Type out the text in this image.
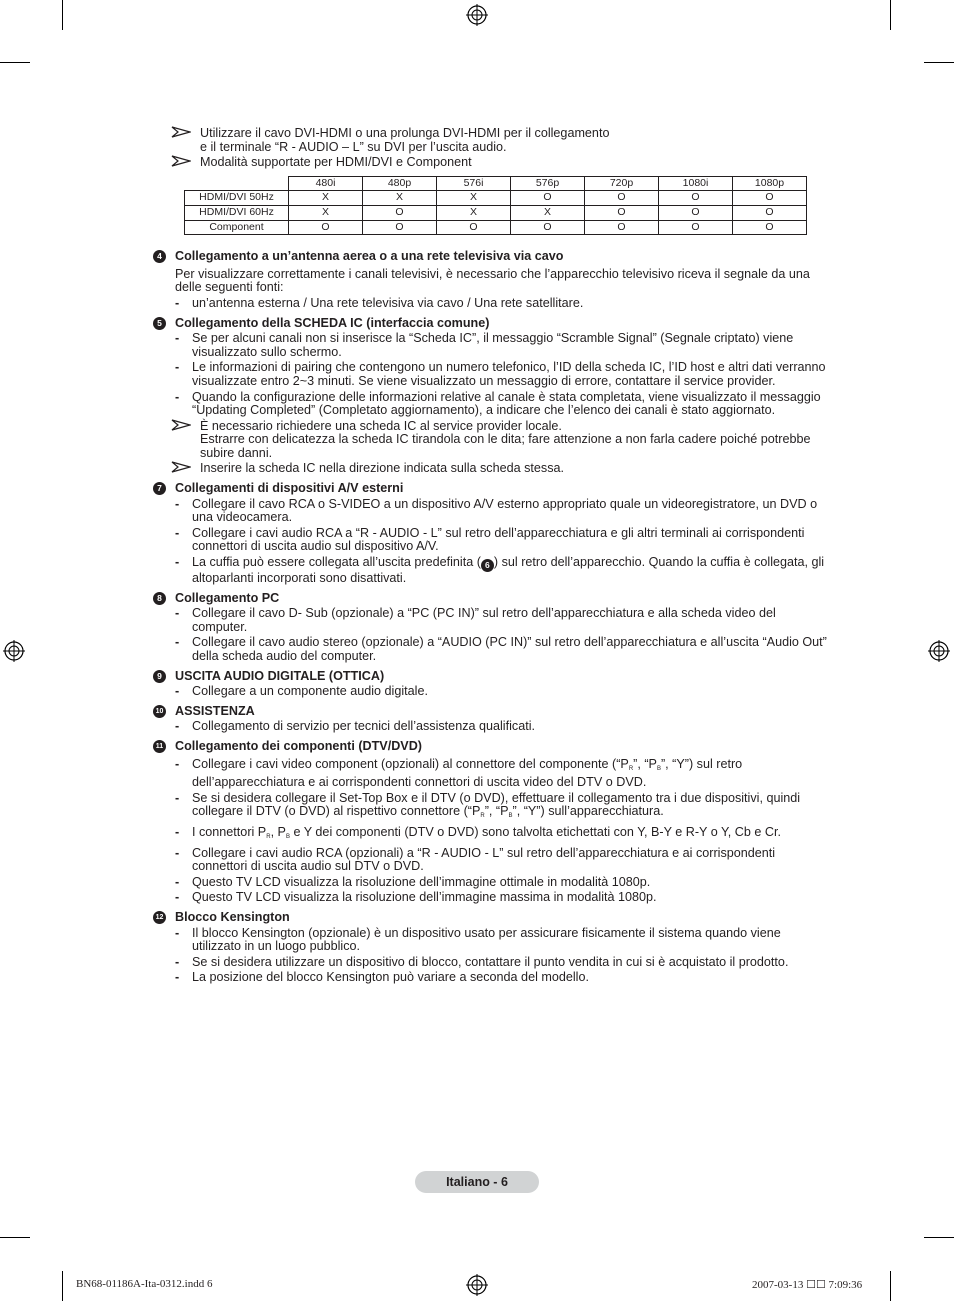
Utilizzare il cavo DVI-HDMI o una prolunga DVI-HDMI per il collegamento

e il terminale “R - AUDIO – L” su DVI per l’uscita audio.

Modalità supportate per HDMI/DVI e Component

	480i	480p	576i	576p	720p	1080i	1080p
HDMI/DVI 50Hz	X	X	X	O	O	O	O
HDMI/DVI 60Hz	X	O	X	X	O	O	O
Component	O	O	O	O	O	O	O
4	Collegamento a un’antenna aerea o a una rete televisiva via cavo
Per visualizzare correttamente i canali televisivi, è necessario che l’apparecchio televisivo riceva il segnale da una delle seguenti fonti:
- un’antenna esterna / Una rete televisiva via cavo / Una rete satellitare.
5	Collegamento della SCHEDA IC (interfaccia comune)
- Se per alcuni canali non si inserisce la “Scheda IC”, il messaggio “Scramble Signal” (Segnale criptato) viene visualizzato sullo schermo.
- Le informazioni di pairing che contengono un numero telefonico, l’ID della scheda IC, l’ID host e altri dati verranno visualizzate entro 2~3 minuti. Se viene visualizzato un messaggio di errore, contattare il service provider.
- Quando la configurazione delle informazioni relative al canale è stata completata, viene visualizzato il messaggio “Updating Completed” (Completato aggiornamento), a indicare che l’elenco dei canali è stato aggiornato.

È necessario richiedere una scheda IC al service provider locale.

Estrarre con delicatezza la scheda IC tirandola con le dita; fare attenzione a non farla cadere poiché potrebbe subire danni.

Inserire la scheda IC nella direzione indicata sulla scheda stessa.

7	Collegamenti di dispositivi A/V esterni
- Collegare il cavo RCA o S-VIDEO a un dispositivo A/V esterno appropriato quale un videoregistratore, un DVD o una videocamera.
- Collegare i cavi audio RCA a “R - AUDIO - L” sul retro dell’apparecchiatura e gli altri terminali ai corrispondenti connettori di uscita audio sul dispositivo A/V.
- La cuffia può essere collegata all’uscita predefinita ( 6 ) sul retro dell’apparecchio. Quando la cuffia è collegata, gli altoparlanti incorporati sono disattivati.
8	Collegamento PC
- Collegare il cavo D- Sub (opzionale) a “PC (PC IN)” sul retro dell’apparecchiatura e alla scheda video del computer.
- Collegare il cavo audio stereo (opzionale) a “AUDIO (PC IN)” sul retro dell’apparecchiatura e all’uscita “Audio Out” della scheda audio del computer.
9	USCITA AUDIO DIGITALE (OTTICA)
- Collegare a un componente audio digitale.
10 ASSISTENZA
- Collegamento di servizio per tecnici dell’assistenza qualificati.
11 Collegamento dei componenti (DTV/DVD)
- Collegare i cavi video component (opzionali) al connettore del componente (“$P_R$”, “$P_B$”, “Y”) sul retro dell’apparecchiatura e ai corrispondenti connettori di uscita video del DTV o DVD.
- Se si desidera collegare il Set-Top Box e il DTV (o DVD), effettuare il collegamento tra i due dispositivi, quindi collegare il DTV (o DVD) al rispettivo connettore (“$P_R$”, “$P_B$”, “Y”) sull’apparecchiatura.
- I connettori $P_R$, $P_B$ e Y dei componenti (DTV o DVD) sono talvolta etichettati con Y, B-Y e R-Y o Y, Cb e Cr.
- Collegare i cavi audio RCA (opzionali) a “R - AUDIO - L” sul retro dell’apparecchiatura e ai corrispondenti connettori di uscita audio sul DTV o DVD.
- Questo TV LCD visualizza la risoluzione dell’immagine ottimale in modalità 1080p.
- Questo TV LCD visualizza la risoluzione dell’immagine massima in modalità 1080p.
12 Blocco Kensington
- Il blocco Kensington (opzionale) è un dispositivo usato per assicurare fisicamente il sistema quando viene utilizzato in un luogo pubblico.
- Se si desidera utilizzare un dispositivo di blocco, contattare il punto vendita in cui si è acquistato il prodotto.
- La posizione del blocco Kensington può variare a seconda del modello.
Italiano - 6
BN68-01186A-Ita-0312.indd 6	2007-03-13 ☐☐ 7:09:36
